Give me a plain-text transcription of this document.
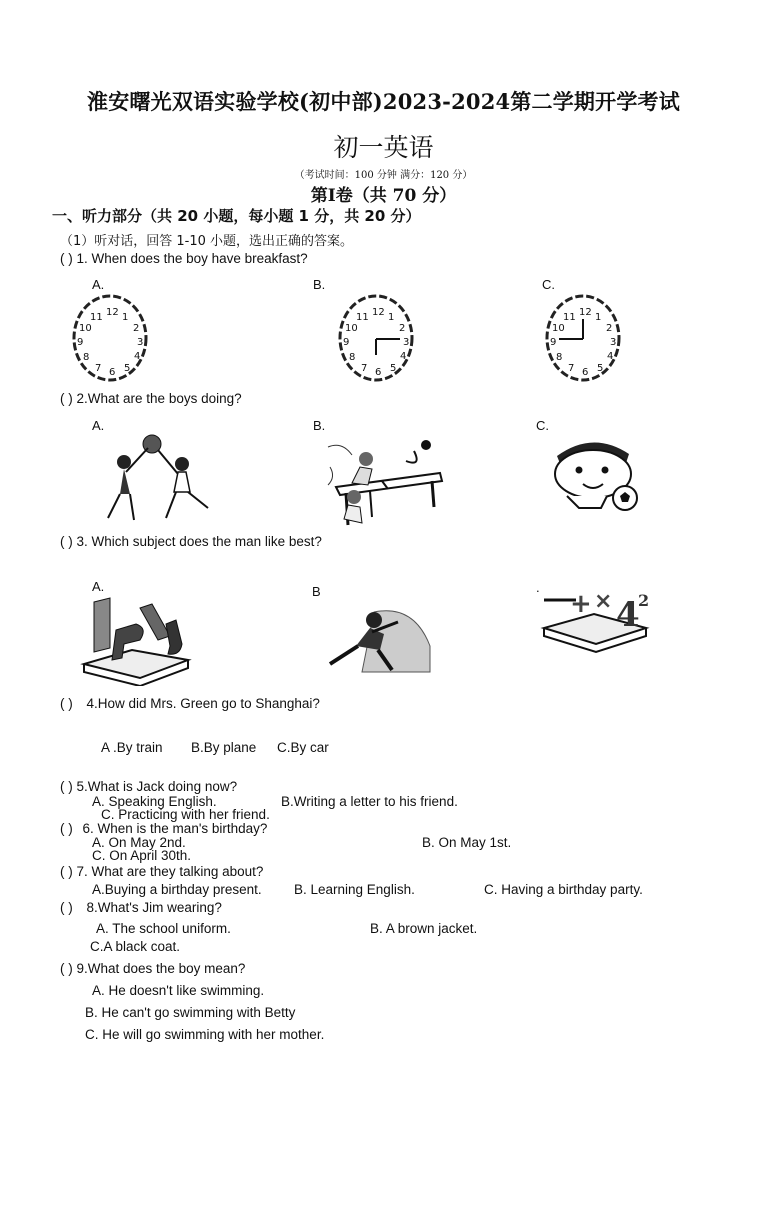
淮安曙光双语实验学校(初中部)2023-2024第二学期开学考试
初一英语
（考试时间：100 分钟 满分：120 分）
第Ⅰ卷（共 70 分）
一、听力部分（共 20 小题，每小题 1 分，共 20 分）
（1）听对话，回答 1-10 小题，选出正确的答案。
( ) 1. When does the boy have breakfast?
A.	B.	C.
12 1
2
3
4
5
6
7
8
9
10
11	12 1
2
3
4
5
6
7
8
9
10
11	12 1
2
3
4
5
6
7
8
9
10
11
( ) 2.What are the boys doing?
A.	B.	C.
( ) 3. Which subject does the man like best?
A.	B	.
+ × 4
2
( ) 4.How did Mrs. Green go to Shanghai?
A .By train B.By plane C.By car
( ) 5.What is Jack doing now?
A. Speaking English.	B.Writing a letter to his friend.
C. Practicing with her friend.
( ) 6. When is the man's birthday?
A. On May 2nd.	B. On May 1st.
C. On April 30th.
( ) 7. What are they talking about?
A.Buying a birthday present. B. Learning English.	C. Having a birthday party.
( ) 8.What's Jim wearing?
A. The school uniform.	B. A brown jacket.
C.A black coat.
( ) 9.What does the boy mean?
A. He doesn't like swimming.
B. He can't go swimming with Betty
C. He will go swimming with her mother.
